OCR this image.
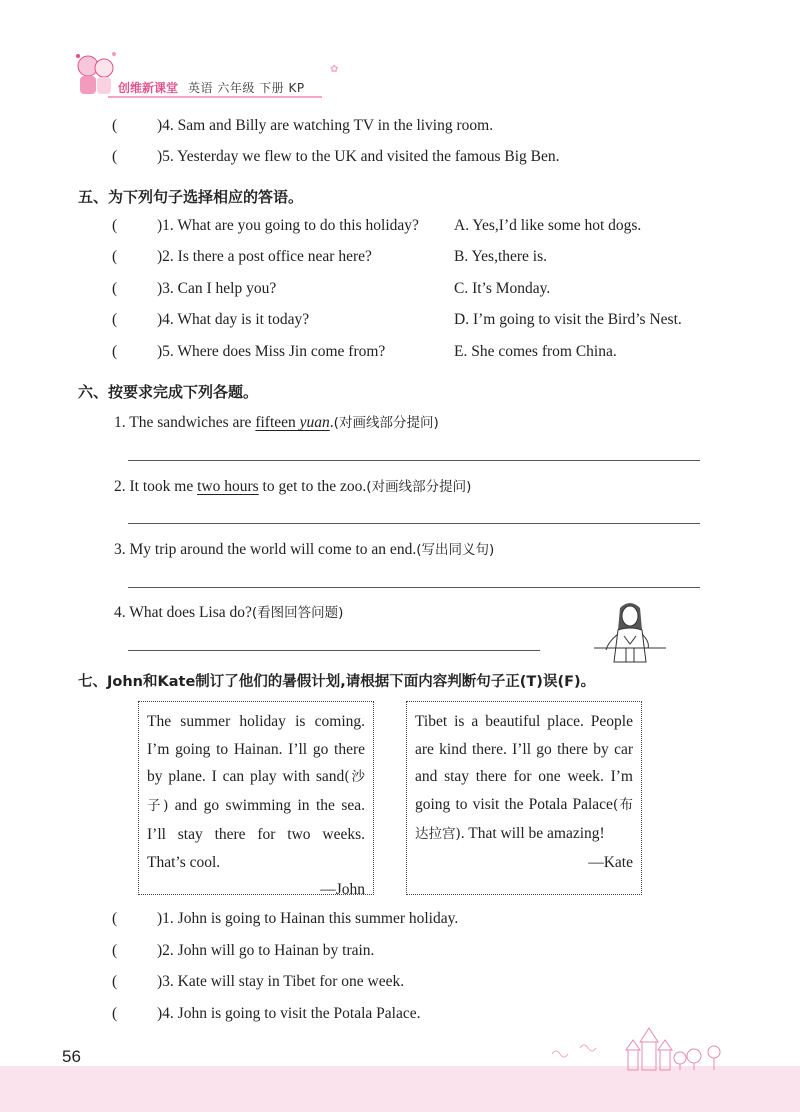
创维新课堂 英语 六年级 下册 KP
✿
(	)4. Sam and Billy are watching TV in the living room.
(	)5. Yesterday we flew to the UK and visited the famous Big Ben.
五、为下列句子选择相应的答语。
(	)1. What are you going to do this holiday? A. Yes,I’d like some hot dogs.
(	)2. Is there a post office near here?	B. Yes,there is.
(	)3. Can I help you?	C. It’s Monday.
(	)4. What day is it today?	D. I’m going to visit the Bird’s Nest.
(	)5. Where does Miss Jin come from?	E. She comes from China.
六、按要求完成下列各题。
1. The sandwiches are fifteen yuan.(对画线部分提问)
2. It took me two hours to get to the zoo.(对画线部分提问)
3. My trip around the world will come to an end.(写出同义句)
4. What does Lisa do?(看图回答问题)
七、John和Kate制订了他们的暑假计划,请根据下面内容判断句子正(T)误(F)。
The summer holiday is coming. I’m going to Hainan. I’ll go there by plane. I can play with sand(沙子) and go swimming in the sea. I’ll stay there for two weeks. That’s cool.
—John
Tibet is a beautiful place. People are kind there. I’ll go there by car and stay there for one week. I’m going to visit the Potala Palace(布达拉宫). That will be amazing!
—Kate
(	)1. John is going to Hainan this summer holiday.
(	)2. John will go to Hainan by train.
(	)3. Kate will stay in Tibet for one week.
(	)4. John is going to visit the Potala Palace.
56
